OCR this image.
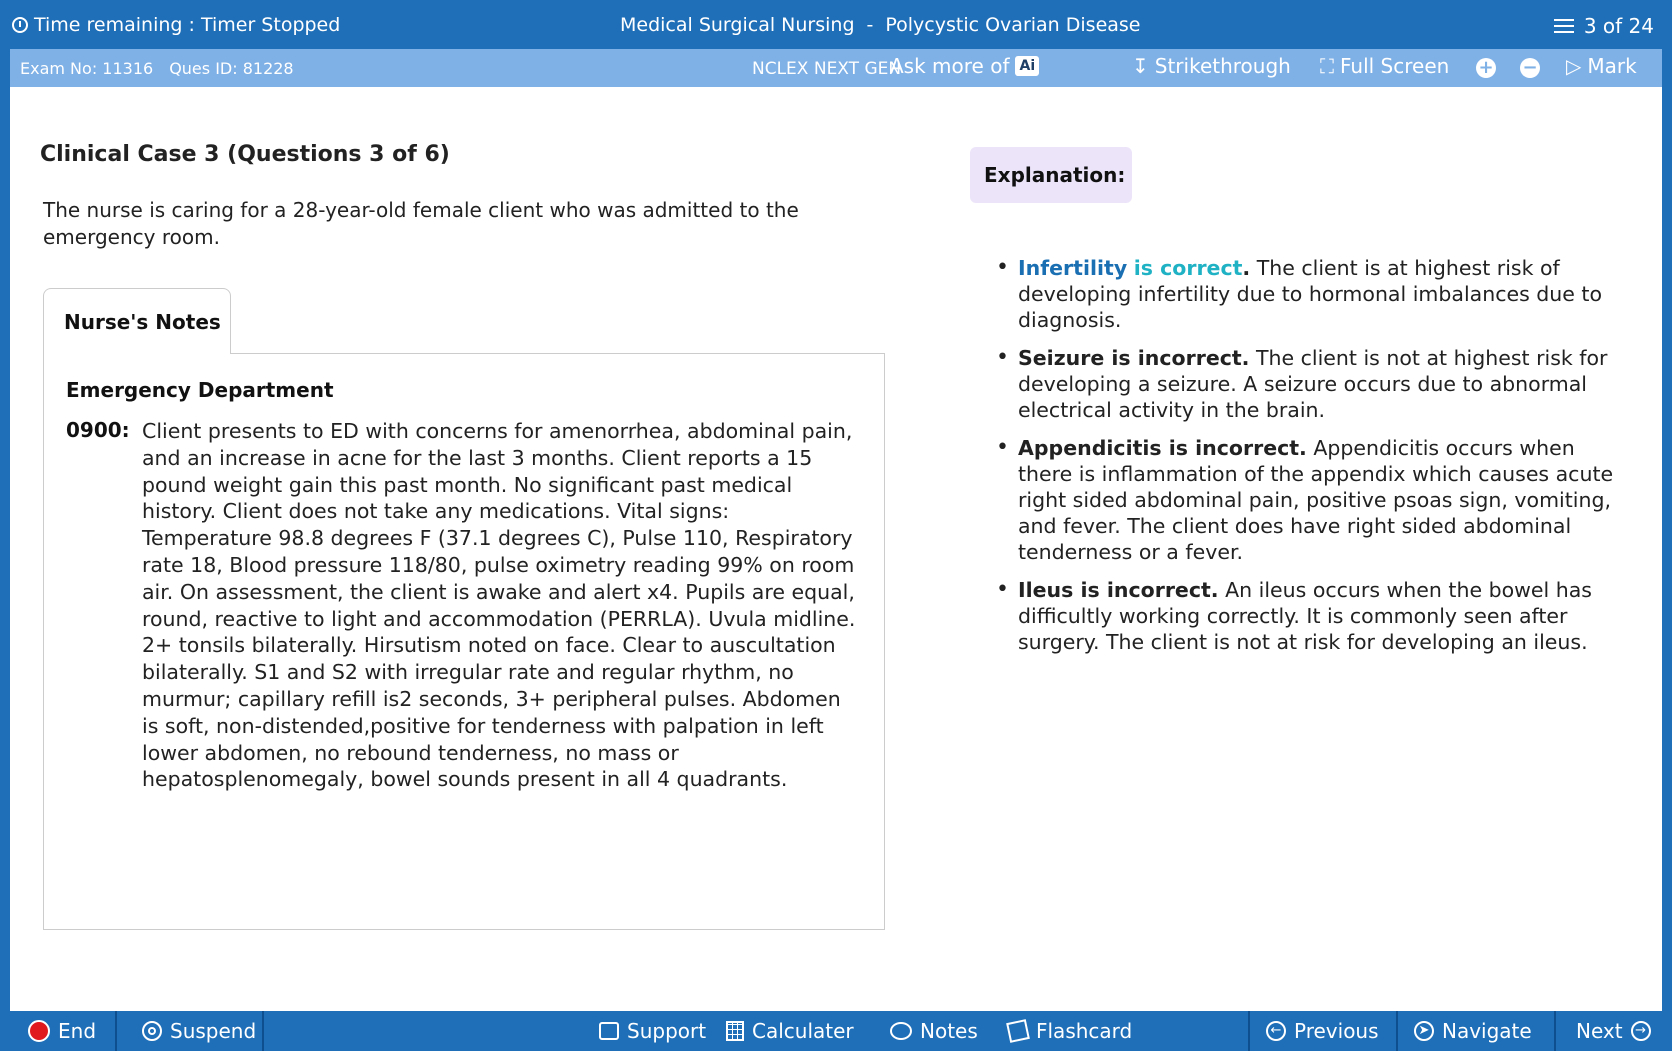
Time remaining : Timer Stopped	Medical Surgical Nursing - Polycystic Ovarian Disease	3 of 24
Exam No: 11316 Ques ID: 81228	NCLEX NEXT GEN
Ask more of Ai	↧ Strikethrough ⛶ Full Screen + − ▷ Mark
Clinical Case 3 (Questions 3 of 6)
The nurse is caring for a 28-year-old female client who was admitted to the emergency room.
Nurse's Notes
Emergency Department
0900: Client presents to ED with concerns for amenorrhea, abdominal pain, and an increase in acne for the last 3 months. Client reports a 15 pound weight gain this past month. No significant past medical history. Client does not take any medications. Vital signs: Temperature 98.8 degrees F (37.1 degrees C), Pulse 110, Respiratory rate 18, Blood pressure 118/80, pulse oximetry reading 99% on room air. On assessment, the client is awake and alert x4. Pupils are equal, round, reactive to light and accommodation (PERRLA). Uvula midline. 2+ tonsils bilaterally. Hirsutism noted on face. Clear to auscultation bilaterally. S1 and S2 with irregular rate and regular rhythm, no murmur; capillary refill is2 seconds, 3+ peripheral pulses. Abdomen is soft, non-distended,positive for tenderness with palpation in left lower abdomen, no rebound tenderness, no mass or hepatosplenomegaly, bowel sounds present in all 4 quadrants.
Explanation:
• Infertility is correct. The client is at highest risk of developing infertility due to hormonal imbalances due to diagnosis.
• Seizure is incorrect. The client is not at highest risk for developing a seizure. A seizure occurs due to abnormal electrical activity in the brain.
• Appendicitis is incorrect. Appendicitis occurs when there is inflammation of the appendix which causes acute right sided abdominal pain, positive psoas sign, vomiting, and fever. The client does have right sided abdominal tenderness or a fever.
• Ileus is incorrect. An ileus occurs when the bowel has difficultly working correctly. It is commonly seen after surgery. The client is not at risk for developing an ileus.
End	Suspend	Support Calculater	Notes	Flashcard	← Previous	➤ Navigate Next →
